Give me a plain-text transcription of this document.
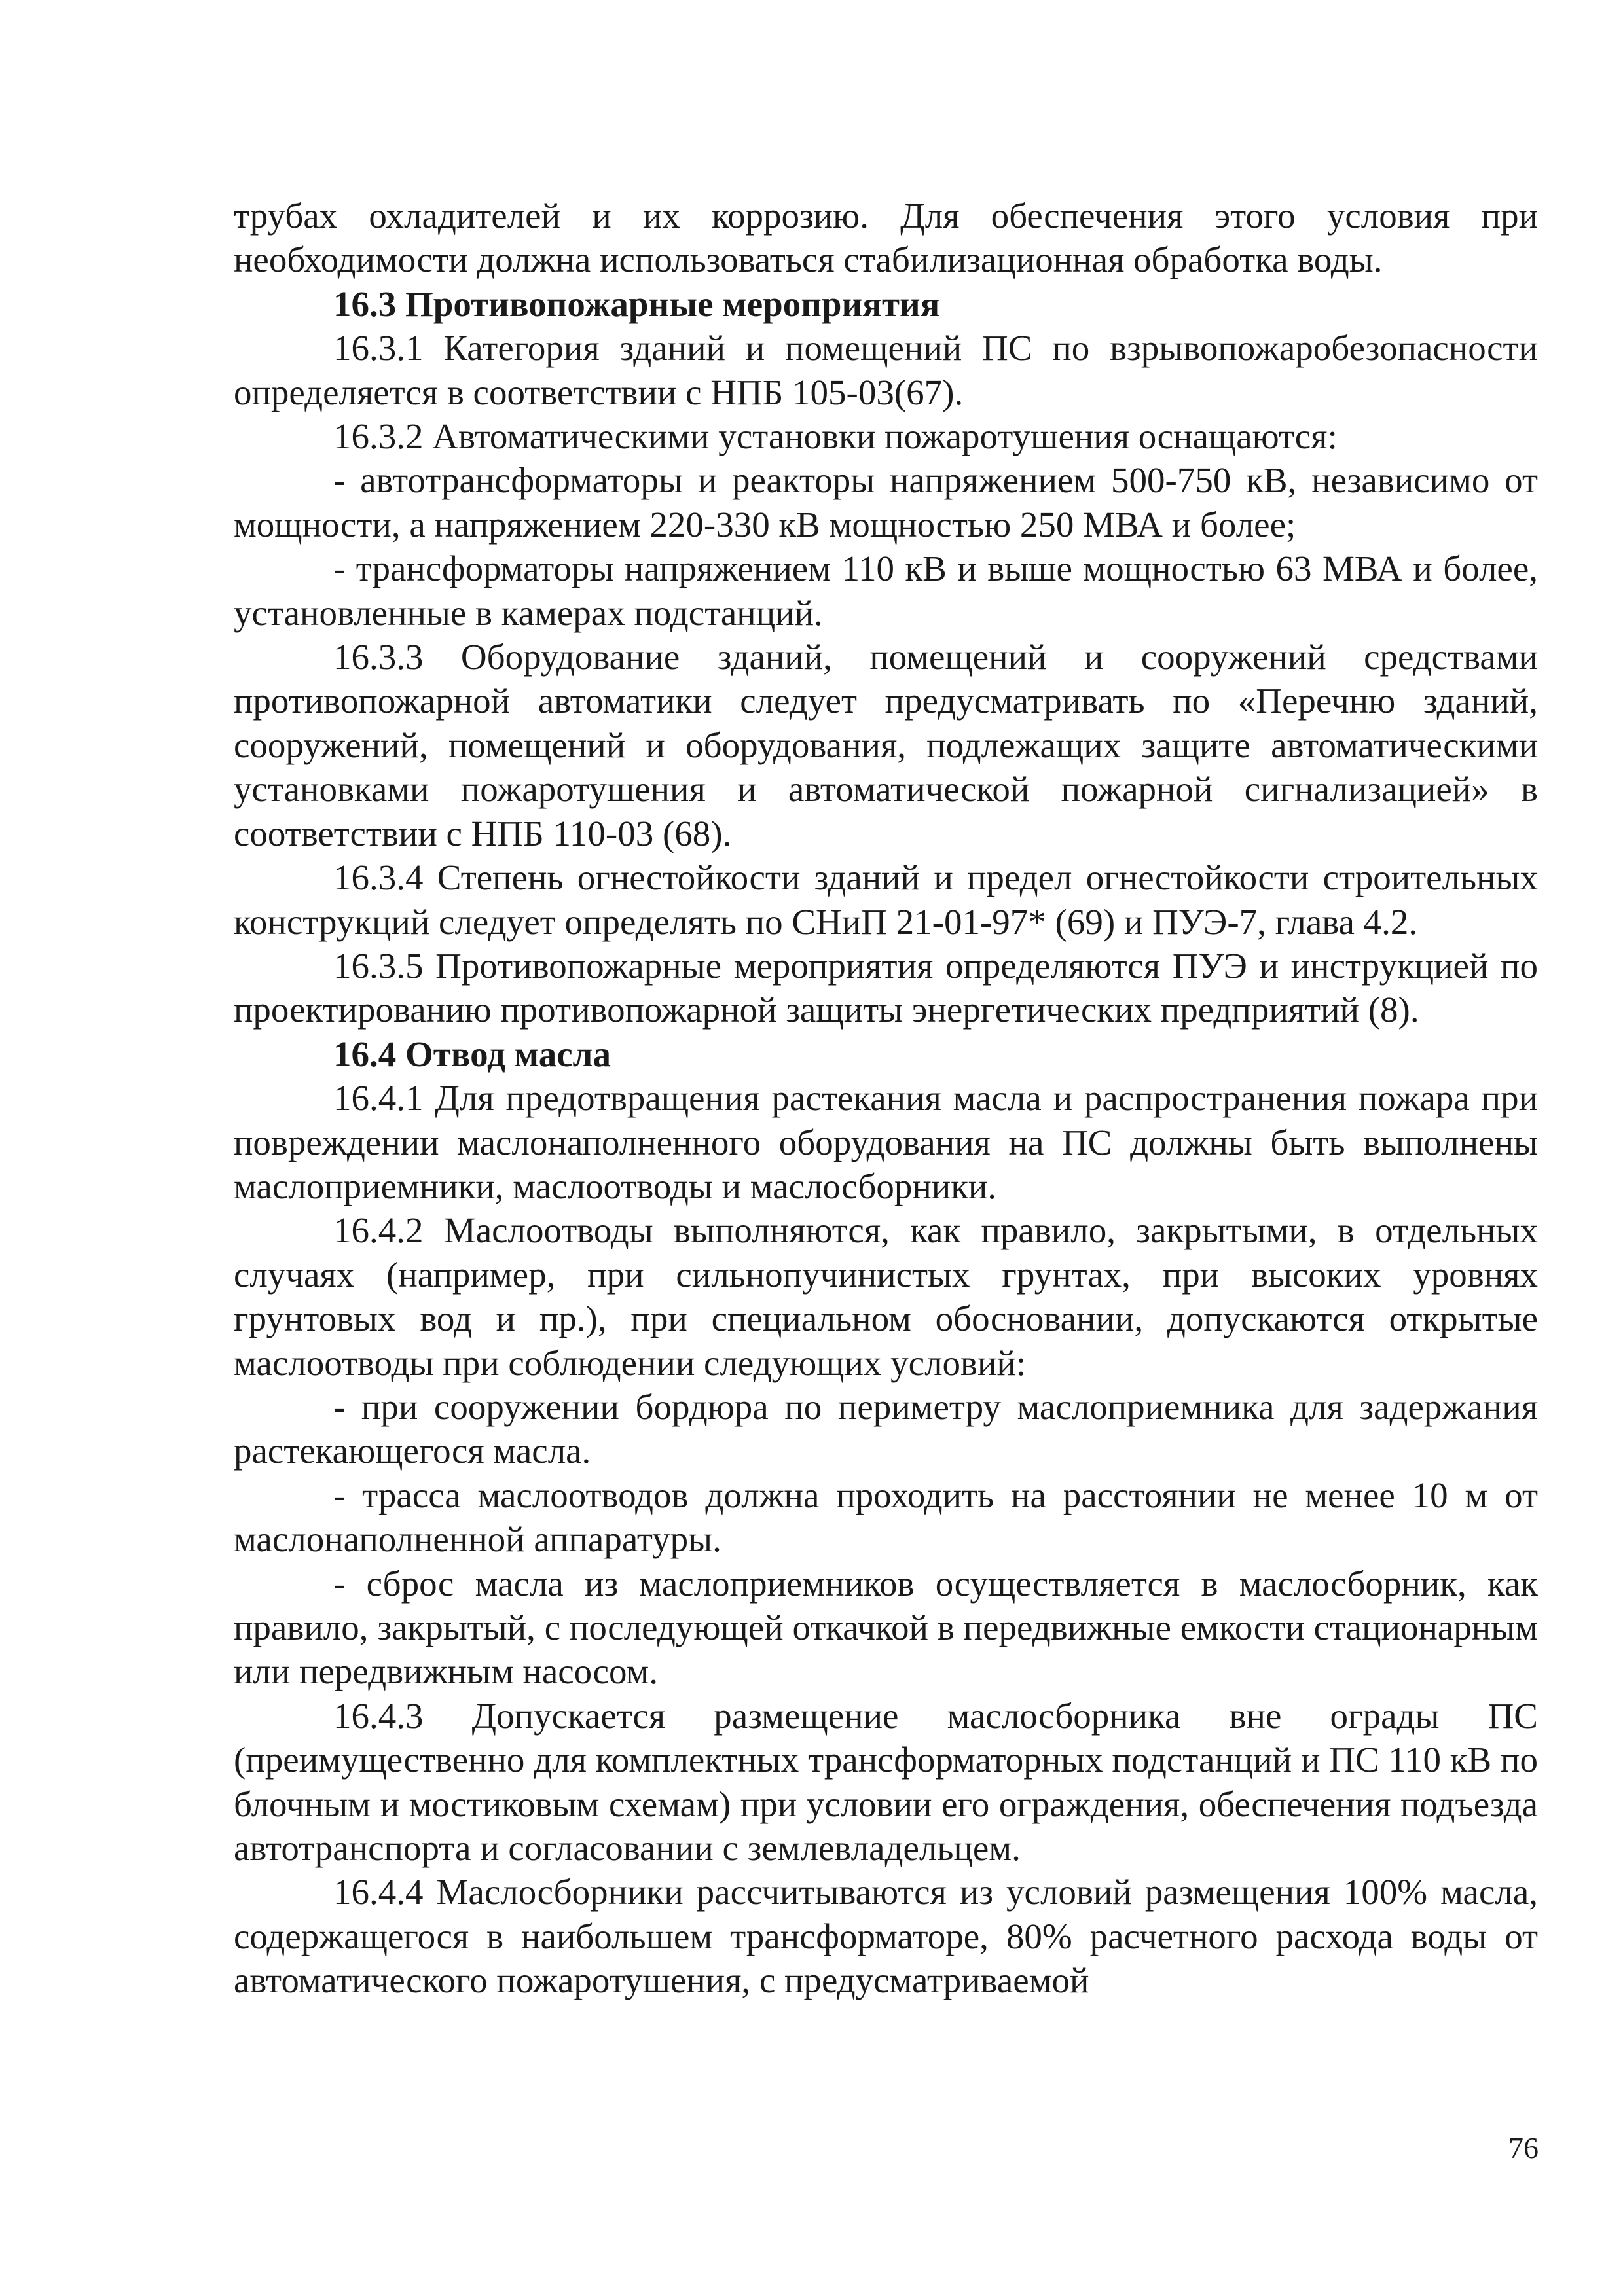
трубах охладителей и их коррозию. Для обеспечения этого условия при необходимости должна использоваться стабилизационная обработка воды.

16.3 Противопожарные мероприятия

16.3.1 Категория зданий и помещений ПС по взрывопожаробезопасности определяется в соответствии с НПБ 105-03(67).

16.3.2 Автоматическими установки пожаротушения оснащаются:

- автотрансформаторы и реакторы напряжением 500-750 кВ, независимо от мощности, а напряжением 220-330 кВ мощностью 250 МВА и более;

- трансформаторы напряжением 110 кВ и выше мощностью 63 МВА и более, установленные в камерах подстанций.

16.3.3 Оборудование зданий, помещений и сооружений средствами противопожарной автоматики следует предусматривать по «Перечню зданий, сооружений, помещений и оборудования, подлежащих защите автоматическими установками пожаротушения и автоматической пожарной сигнализацией» в соответствии с НПБ 110-03 (68).

16.3.4 Степень огнестойкости зданий и предел огнестойкости строительных конструкций следует определять по СНиП 21-01-97* (69) и ПУЭ-7, глава 4.2.

16.3.5 Противопожарные мероприятия определяются ПУЭ и инструкцией по проектированию противопожарной защиты энергетических предприятий (8).

16.4 Отвод масла

16.4.1 Для предотвращения растекания масла и распространения пожара при повреждении маслонаполненного оборудования на ПС должны быть выполнены маслоприемники, маслоотводы и маслосборники.

16.4.2 Маслоотводы выполняются, как правило, закрытыми, в отдельных случаях (например, при сильнопучинистых грунтах, при высоких уровнях грунтовых вод и пр.), при специальном обосновании, допускаются открытые маслоотводы при соблюдении следующих условий:

- при сооружении бордюра по периметру маслоприемника для задержания растекающегося масла.

- трасса маслоотводов должна проходить на расстоянии не менее 10 м от маслонаполненной аппаратуры.

- сброс масла из маслоприемников осуществляется в маслосборник, как правило, закрытый, с последующей откачкой в передвижные емкости стационарным или передвижным насосом.

16.4.3 Допускается размещение маслосборника вне ограды ПС (преимущественно для комплектных трансформаторных подстанций и ПС 110 кВ по блочным и мостиковым схемам) при условии его ограждения, обеспечения подъезда автотранспорта и согласовании с землевладельцем.

16.4.4 Маслосборники рассчитываются из условий размещения 100% масла, содержащегося в наибольшем трансформаторе, 80% расчетного расхода воды от автоматического пожаротушения, с предусматриваемой

76
